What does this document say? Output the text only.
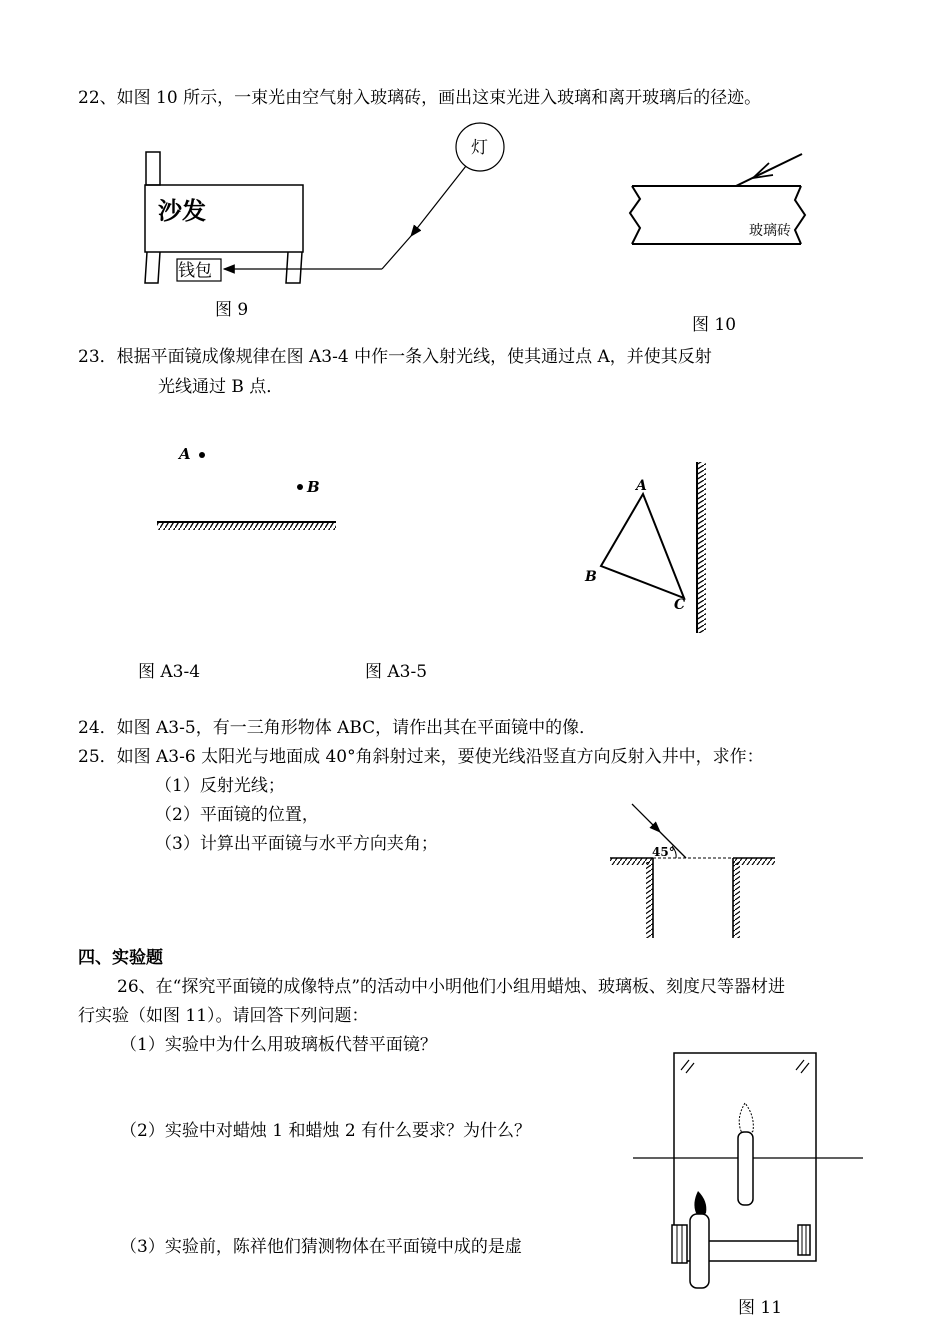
22、如图 10 所示，一束光由空气射入玻璃砖，画出这束光进入玻璃和离开玻璃后的径迹。
沙发
钱包
灯
图 9
玻璃砖
图 10
23．根据平面镜成像规律在图 A3-4 中作一条入射光线，使其通过点 A，并使其反射
光线通过 B 点．
A
B	A
B
C
图 A3-4	图 A3-5
24．如图 A3-5，有一三角形物体 ABC，请作出其在平面镜中的像．
25．如图 A3-6 太阳光与地面成 40°角斜射过来，要使光线沿竖直方向反射入井中，求作：
（1）反射光线；
（2）平面镜的位置，
（3）计算出平面镜与水平方向夹角；	45°
四、实验题
26、在“探究平面镜的成像特点”的活动中小明他们小组用蜡烛、玻璃板、刻度尺等器材进
行实验（如图 11）。请回答下列问题：
（1）实验中为什么用玻璃板代替平面镜？
（2）实验中对蜡烛 1 和蜡烛 2 有什么要求？为什么？
（3）实验前，陈祥他们猜测物体在平面镜中成的是虚
图 11
